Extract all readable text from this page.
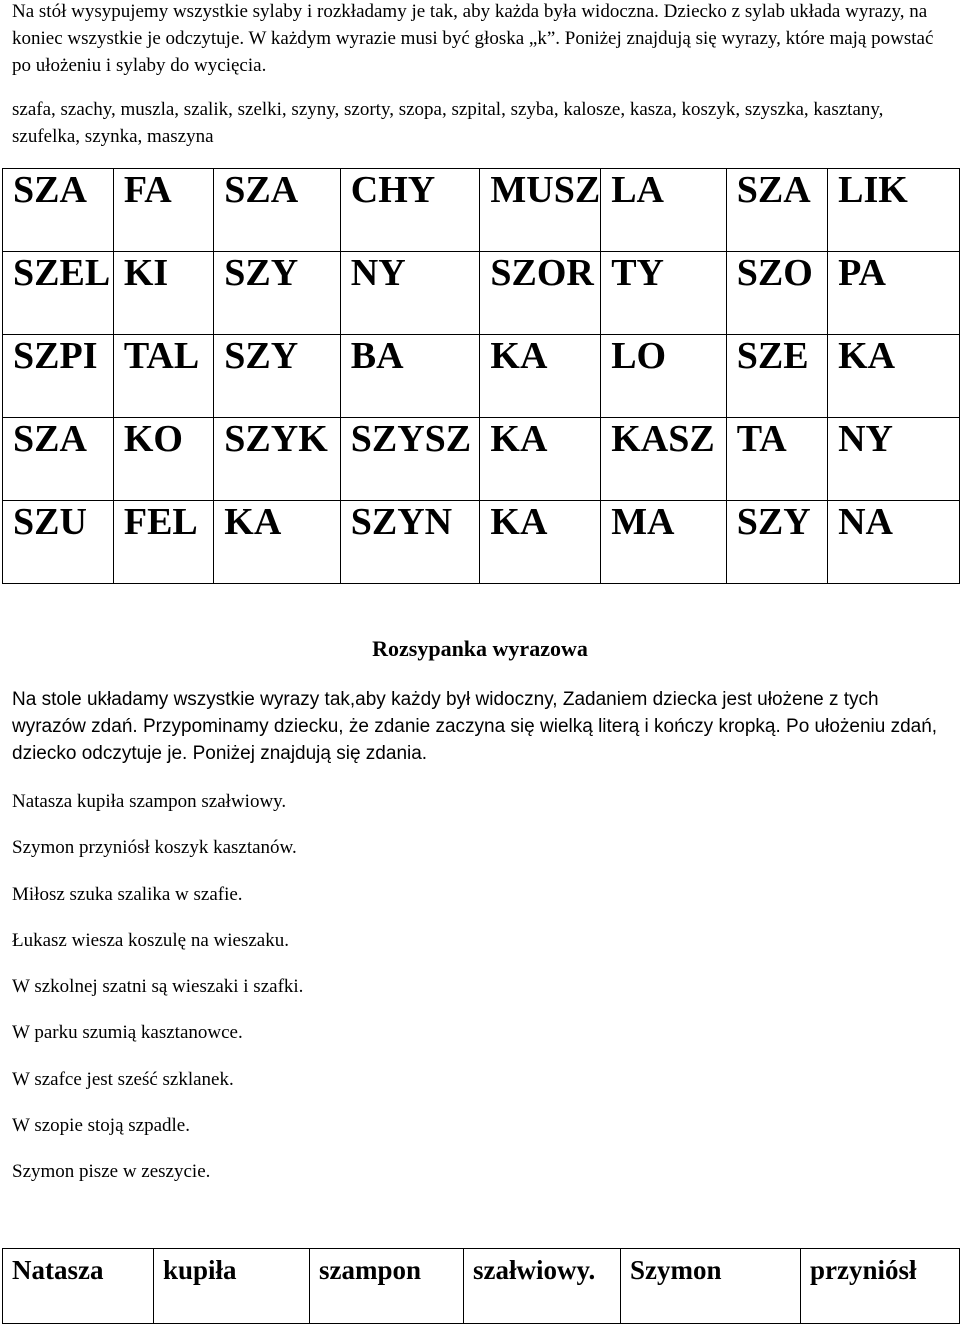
Na stół wysypujemy wszystkie sylaby i rozkładamy je tak, aby każda była widoczna. Dziecko z sylab układa wyrazy, na koniec wszystkie je odczytuje. W każdym wyrazie musi być głoska „k”. Poniżej znajdują się wyrazy, które mają powstać po ułożeniu i sylaby do wycięcia.

szafa, szachy, muszla, szalik, szelki, szyny, szorty, szopa, szpital, szyba, kalosze, kasza, koszyk, szyszka, kasztany, szufelka, szynka, maszyna

SZA	FA	SZA	CHY	MUSZ	LA	SZA	LIK
SZEL	KI	SZY	NY	SZOR	TY	SZO	PA
SZPI	TAL	SZY	BA	KA	LO	SZE	KA
SZA	KO	SZYK	SZYSZ	KA	KASZ	TA	NY
SZU	FEL	KA	SZYN	KA	MA	SZY	NA
Rozsypanka wyrazowa

Na stole układamy wszystkie wyrazy tak,aby każdy był widoczny, Zadaniem dziecka jest ułożene z tych wyrazów zdań. Przypominamy dziecku, że zdanie zaczyna się wielką literą i kończy kropką. Po ułożeniu zdań, dziecko odczytuje je. Poniżej znajdują się zdania.

Natasza kupiła szampon szałwiowy.
Szymon przyniósł koszyk kasztanów.
Miłosz szuka szalika w szafie.
Łukasz wiesza koszulę na wieszaku.
W szkolnej szatni są wieszaki i szafki.
W parku szumią kasztanowce.
W szafce jest sześć szklanek.
W szopie stoją szpadle.
Szymon pisze w zeszycie.
Natasza	kupiła	szampon	szałwiowy.	Szymon	przyniósł
